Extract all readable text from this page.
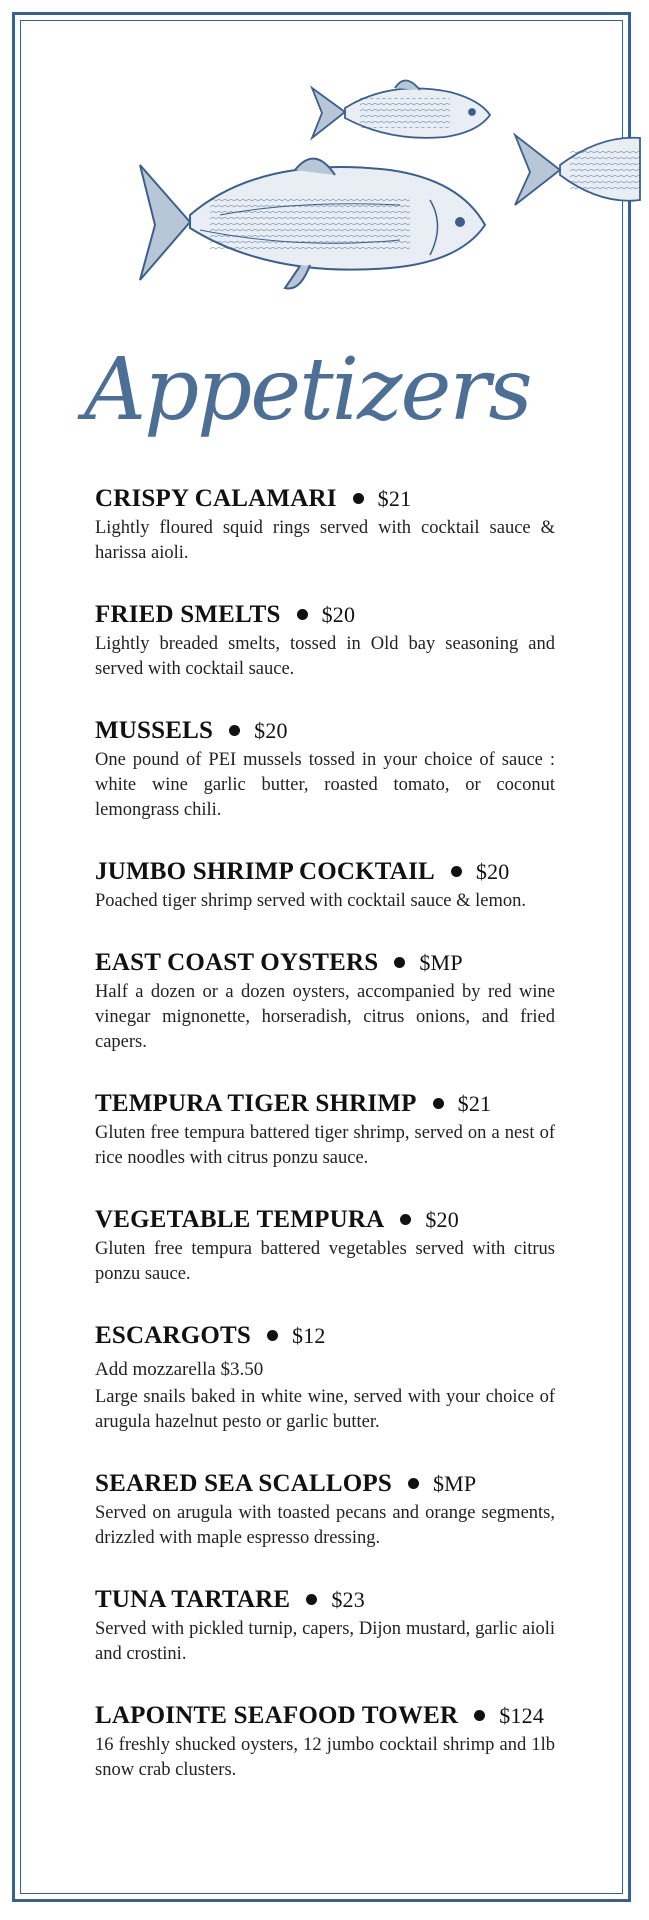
Appetizers
CRISPY CALAMARI $21
Lightly floured squid rings served with cocktail sauce & harissa aioli.
FRIED SMELTS $20
Lightly breaded smelts, tossed in Old bay seasoning and served with cocktail sauce.
MUSSELS $20
One pound of PEI mussels tossed in your choice of sauce : white wine garlic butter, roasted tomato, or coconut lemongrass chili.
JUMBO SHRIMP COCKTAIL $20
Poached tiger shrimp served with cocktail sauce & lemon.
EAST COAST OYSTERS $MP
Half a dozen or a dozen oysters, accompanied by red wine vinegar mignonette, horseradish, citrus onions, and fried capers.
TEMPURA TIGER SHRIMP $21
Gluten free tempura battered tiger shrimp, served on a nest of rice noodles with citrus ponzu sauce.
VEGETABLE TEMPURA $20
Gluten free tempura battered vegetables served with citrus ponzu sauce.
ESCARGOTS $12
Add mozzarella $3.50
Large snails baked in white wine, served with your choice of arugula hazelnut pesto or garlic butter.
SEARED SEA SCALLOPS $MP
Served on arugula with toasted pecans and orange segments, drizzled with maple espresso dressing.
TUNA TARTARE $23
Served with pickled turnip, capers, Dijon mustard, garlic aioli and crostini.
LAPOINTE SEAFOOD TOWER $124
16 freshly shucked oysters, 12 jumbo cocktail shrimp and 1lb snow crab clusters.
